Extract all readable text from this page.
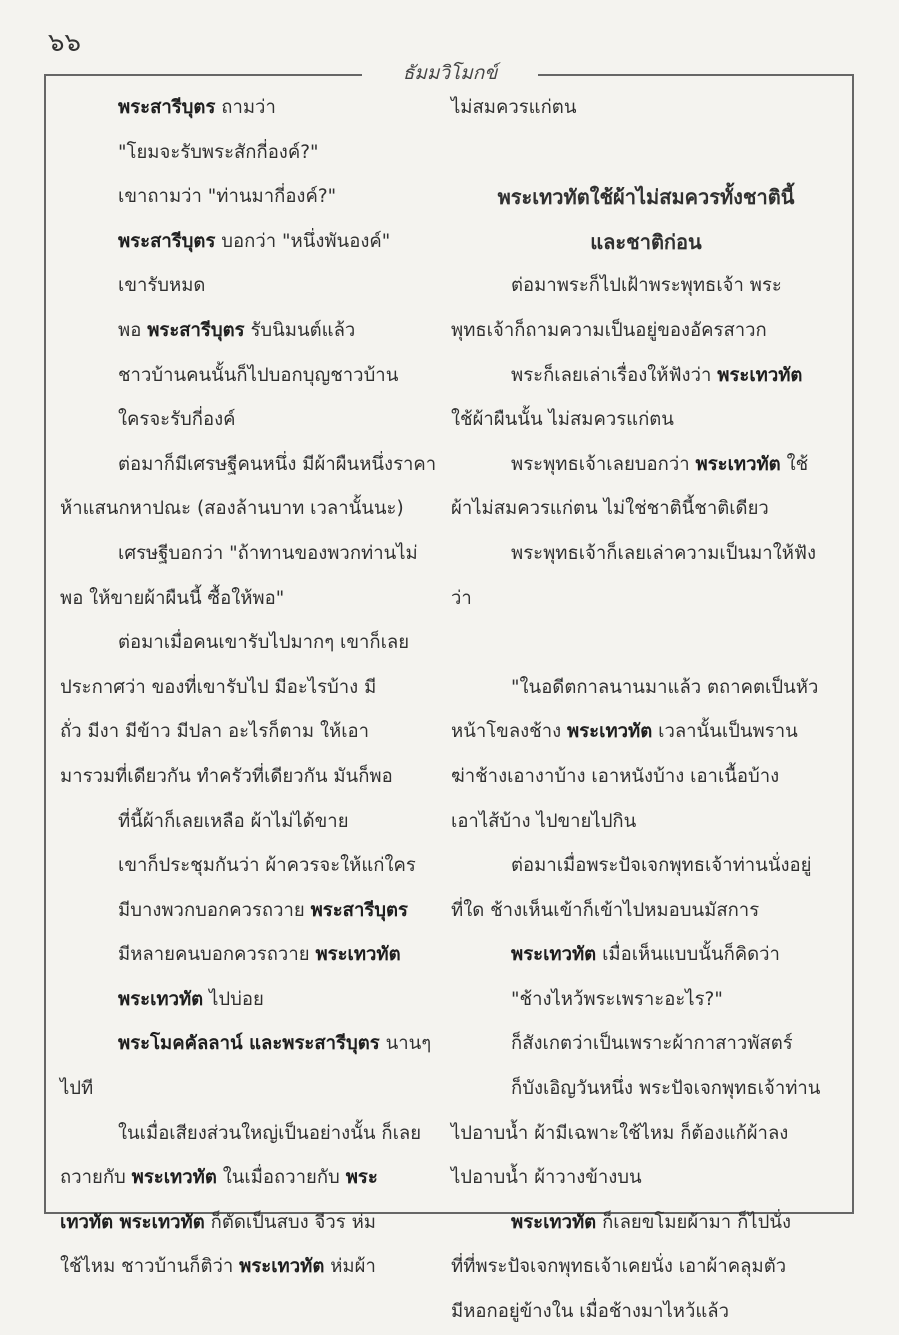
๖๖
ธัมมวิโมกข์

พระสารีบุตร ถามว่า

"โยมจะรับพระสักกี่องค์?"

เขาถามว่า "ท่านมากี่องค์?"

พระสารีบุตร บอกว่า "หนึ่งพันองค์"

เขารับหมด

พอ พระสารีบุตร รับนิมนต์แล้ว

ชาวบ้านคนนั้นก็ไปบอกบุญชาวบ้าน

ใครจะรับกี่องค์

ต่อมาก็มีเศรษฐีคนหนึ่ง มีผ้าผืนหนึ่งราคา

ห้าแสนกหาปณะ (สองล้านบาท เวลานั้นนะ)

เศรษฐีบอกว่า "ถ้าทานของพวกท่านไม่

พอ ให้ขายผ้าผืนนี้ ซื้อให้พอ"

ต่อมาเมื่อคนเขารับไปมากๆ เขาก็เลย

ประกาศว่า ของที่เขารับไป มีอะไรบ้าง มี

ถั่ว มีงา มีข้าว มีปลา อะไรก็ตาม ให้เอา

มารวมที่เดียวกัน ทำครัวที่เดียวกัน มันก็พอ

ที่นี้ผ้าก็เลยเหลือ ผ้าไม่ได้ขาย

เขาก็ประชุมกันว่า ผ้าควรจะให้แก่ใคร

มีบางพวกบอกควรถวาย พระสารีบุตร

มีหลายคนบอกควรถวาย พระเทวทัต

พระเทวทัต ไปบ่อย

พระโมคคัลลาน์ และพระสารีบุตร นานๆ

ไปที

ในเมื่อเสียงส่วนใหญ่เป็นอย่างนั้น ก็เลย

ถวายกับ พระเทวทัต ในเมื่อถวายกับ พระ

เทวทัต พระเทวทัต ก็ตัดเป็นสบง จีวร ห่ม

ใช้ไหม ชาวบ้านก็ติว่า พระเทวทัต ห่มผ้า

ไม่สมควรแก่ตน

พระเทวทัตใช้ผ้าไม่สมควรทั้งชาตินี้

และชาติก่อน

ต่อมาพระก็ไปเฝ้าพระพุทธเจ้า พระ

พุทธเจ้าก็ถามความเป็นอยู่ของอัครสาวก

พระก็เลยเล่าเรื่องให้ฟังว่า พระเทวทัต

ใช้ผ้าผืนนั้น ไม่สมควรแก่ตน

พระพุทธเจ้าเลยบอกว่า พระเทวทัต ใช้

ผ้าไม่สมควรแก่ตน ไม่ใช่ชาตินี้ชาติเดียว

พระพุทธเจ้าก็เลยเล่าความเป็นมาให้ฟัง

ว่า

"ในอดีตกาลนานมาแล้ว ตถาคตเป็นหัว

หน้าโขลงช้าง พระเทวทัต เวลานั้นเป็นพราน

ฆ่าช้างเอางาบ้าง เอาหนังบ้าง เอาเนื้อบ้าง

เอาไส้บ้าง ไปขายไปกิน

ต่อมาเมื่อพระปัจเจกพุทธเจ้าท่านนั่งอยู่

ที่ใด ช้างเห็นเข้าก็เข้าไปหมอบนมัสการ

พระเทวทัต เมื่อเห็นแบบนั้นก็คิดว่า

"ช้างไหว้พระเพราะอะไร?"

ก็สังเกตว่าเป็นเพราะผ้ากาสาวพัสตร์

ก็บังเอิญวันหนึ่ง พระปัจเจกพุทธเจ้าท่าน

ไปอาบน้ำ ผ้ามีเฉพาะใช้ไหม ก็ต้องแก้ผ้าลง

ไปอาบน้ำ ผ้าวางข้างบน

พระเทวทัต ก็เลยขโมยผ้ามา ก็ไปนั่ง

ที่ที่พระปัจเจกพุทธเจ้าเคยนั่ง เอาผ้าคลุมตัว

มีหอกอยู่ข้างใน เมื่อช้างมาไหว้แล้ว
